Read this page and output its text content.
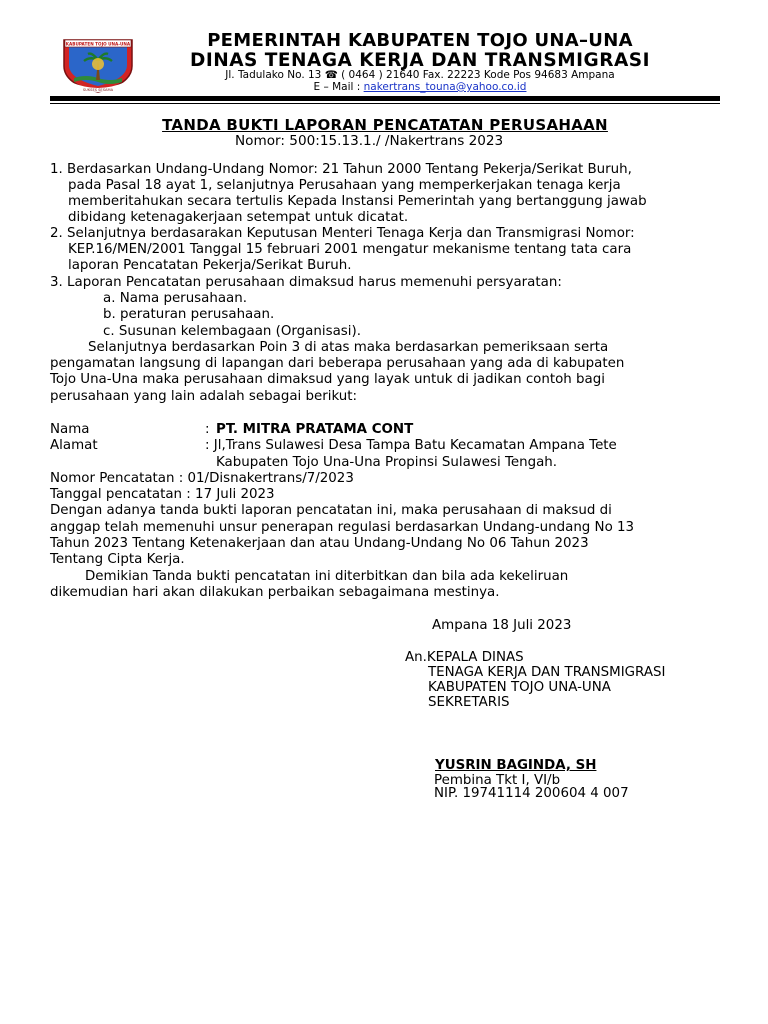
KABUPATEN TOJO UNA-UNA
SUKSES SESAMA
PEMERINTAH KABUPATEN TOJO UNA–UNA
DINAS TENAGA KERJA DAN TRANSMIGRASI
Jl. Tadulako No. 13 ☎ ( 0464 ) 21640 Fax. 22223 Kode Pos 94683 Ampana
E – Mail : nakertrans_touna@yahoo.co.id
TANDA BUKTI LAPORAN PENCATATAN PERUSAHAAN
Nomor: 500:15.13.1./ /Nakertrans 2023
1. Berdasarkan Undang-Undang Nomor: 21 Tahun 2000 Tentang Pekerja/Serikat Buruh,
pada Pasal 18 ayat 1, selanjutnya Perusahaan yang memperkerjakan tenaga kerja
memberitahukan secara tertulis Kepada Instansi Pemerintah yang bertanggung jawab
dibidang ketenagakerjaan setempat untuk dicatat.
2. Selanjutnya berdasarakan Keputusan Menteri Tenaga Kerja dan Transmigrasi Nomor:
KEP.16/MEN/2001 Tanggal 15 februari 2001 mengatur mekanisme tentang tata cara
laporan Pencatatan Pekerja/Serikat Buruh.
3. Laporan Pencatatan perusahaan dimaksud harus memenuhi persyaratan:
a. Nama perusahaan.
b. peraturan perusahaan.
c. Susunan kelembagaan (Organisasi).
Selanjutnya berdasarkan Poin 3 di atas maka berdasarkan pemeriksaan serta
pengamatan langsung di lapangan dari beberapa perusahaan yang ada di kabupaten
Tojo Una-Una maka perusahaan dimaksud yang layak untuk di jadikan contoh bagi
perusahaan yang lain adalah sebagai berikut:
Nama	: PT. MITRA PRATAMA CONT
Alamat	: Jl,Trans Sulawesi Desa Tampa Batu Kecamatan Ampana Tete
Kabupaten Tojo Una-Una Propinsi Sulawesi Tengah.
Nomor Pencatatan : 01/Disnakertrans/7/2023
Tanggal pencatatan : 17 Juli 2023
Dengan adanya tanda bukti laporan pencatatan ini, maka perusahaan di maksud di
anggap telah memenuhi unsur penerapan regulasi berdasarkan Undang-undang No 13
Tahun 2023 Tentang Ketenakerjaan dan atau Undang-Undang No 06 Tahun 2023
Tentang Cipta Kerja.
Demikian Tanda bukti pencatatan ini diterbitkan dan bila ada kekeliruan
dikemudian hari akan dilakukan perbaikan sebagaimana mestinya.
Ampana 18 Juli 2023
An.KEPALA DINAS
TENAGA KERJA DAN TRANSMIGRASI
KABUPATEN TOJO UNA-UNA
SEKRETARIS
YUSRIN BAGINDA, SH
Pembina Tkt I, VI/b
NIP. 19741114 200604 4 007
